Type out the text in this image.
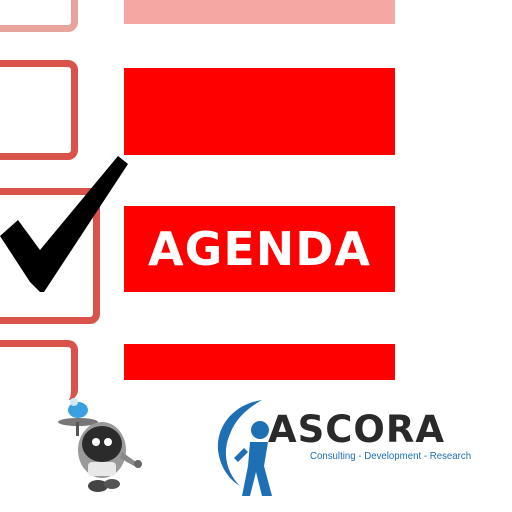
AGENDA
ASCORA
Consulting - Development - Research
